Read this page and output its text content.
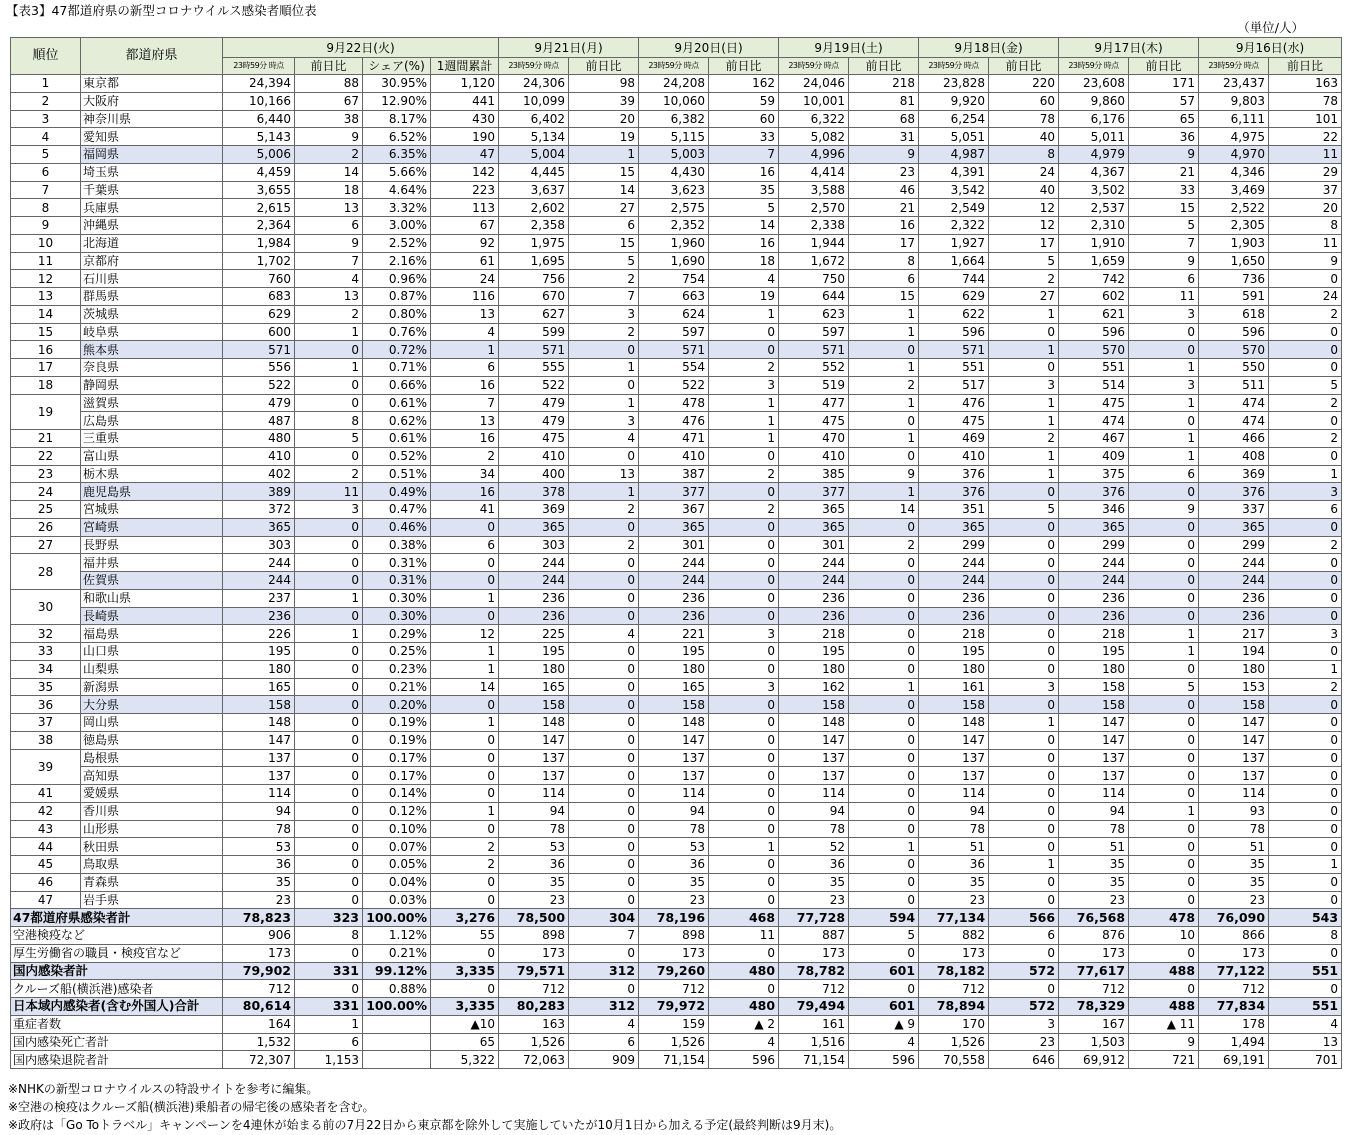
【表3】47都道府県の新型コロナウイルス感染者順位表
（単位/人）
順位	都道府県	9月22日(火)				9月21日(月)		9月20日(日)		9月19日(土)		9月18日(金)		9月17日(木)		9月16日(水)	
		23時59分 時点	前日比	シェア(%)	1週間累計	23時59分 時点	前日比	23時59分 時点	前日比	23時59分 時点	前日比	23時59分 時点	前日比	23時59分 時点	前日比	23時59分 時点	前日比
1	東京都	24,394	88	30.95%	1,120	24,306	98	24,208	162	24,046	218	23,828	220	23,608	171	23,437	163
2	大阪府	10,166	67	12.90%	441	10,099	39	10,060	59	10,001	81	9,920	60	9,860	57	9,803	78
3	神奈川県	6,440	38	8.17%	430	6,402	20	6,382	60	6,322	68	6,254	78	6,176	65	6,111	101
4	愛知県	5,143	9	6.52%	190	5,134	19	5,115	33	5,082	31	5,051	40	5,011	36	4,975	22
5	福岡県	5,006	2	6.35%	47	5,004	1	5,003	7	4,996	9	4,987	8	4,979	9	4,970	11
6	埼玉県	4,459	14	5.66%	142	4,445	15	4,430	16	4,414	23	4,391	24	4,367	21	4,346	29
7	千葉県	3,655	18	4.64%	223	3,637	14	3,623	35	3,588	46	3,542	40	3,502	33	3,469	37
8	兵庫県	2,615	13	3.32%	113	2,602	27	2,575	5	2,570	21	2,549	12	2,537	15	2,522	20
9	沖縄県	2,364	6	3.00%	67	2,358	6	2,352	14	2,338	16	2,322	12	2,310	5	2,305	8
10	北海道	1,984	9	2.52%	92	1,975	15	1,960	16	1,944	17	1,927	17	1,910	7	1,903	11
11	京都府	1,702	7	2.16%	61	1,695	5	1,690	18	1,672	8	1,664	5	1,659	9	1,650	9
12	石川県	760	4	0.96%	24	756	2	754	4	750	6	744	2	742	6	736	0
13	群馬県	683	13	0.87%	116	670	7	663	19	644	15	629	27	602	11	591	24
14	茨城県	629	2	0.80%	13	627	3	624	1	623	1	622	1	621	3	618	2
15	岐阜県	600	1	0.76%	4	599	2	597	0	597	1	596	0	596	0	596	0
16	熊本県	571	0	0.72%	1	571	0	571	0	571	0	571	1	570	0	570	0
17	奈良県	556	1	0.71%	6	555	1	554	2	552	1	551	0	551	1	550	0
18	静岡県	522	0	0.66%	16	522	0	522	3	519	2	517	3	514	3	511	5
19	滋賀県	479	0	0.61%	7	479	1	478	1	477	1	476	1	475	1	474	2
	広島県	487	8	0.62%	13	479	3	476	1	475	0	475	1	474	0	474	0
21	三重県	480	5	0.61%	16	475	4	471	1	470	1	469	2	467	1	466	2
22	富山県	410	0	0.52%	2	410	0	410	0	410	0	410	1	409	1	408	0
23	栃木県	402	2	0.51%	34	400	13	387	2	385	9	376	1	375	6	369	1
24	鹿児島県	389	11	0.49%	16	378	1	377	0	377	1	376	0	376	0	376	3
25	宮城県	372	3	0.47%	41	369	2	367	2	365	14	351	5	346	9	337	6
26	宮崎県	365	0	0.46%	0	365	0	365	0	365	0	365	0	365	0	365	0
27	長野県	303	0	0.38%	6	303	2	301	0	301	2	299	0	299	0	299	2
28	福井県	244	0	0.31%	0	244	0	244	0	244	0	244	0	244	0	244	0
	佐賀県	244	0	0.31%	0	244	0	244	0	244	0	244	0	244	0	244	0
30	和歌山県	237	1	0.30%	1	236	0	236	0	236	0	236	0	236	0	236	0
	長崎県	236	0	0.30%	0	236	0	236	0	236	0	236	0	236	0	236	0
32	福島県	226	1	0.29%	12	225	4	221	3	218	0	218	0	218	1	217	3
33	山口県	195	0	0.25%	1	195	0	195	0	195	0	195	0	195	1	194	0
34	山梨県	180	0	0.23%	1	180	0	180	0	180	0	180	0	180	0	180	1
35	新潟県	165	0	0.21%	14	165	0	165	3	162	1	161	3	158	5	153	2
36	大分県	158	0	0.20%	0	158	0	158	0	158	0	158	0	158	0	158	0
37	岡山県	148	0	0.19%	1	148	0	148	0	148	0	148	1	147	0	147	0
38	徳島県	147	0	0.19%	0	147	0	147	0	147	0	147	0	147	0	147	0
39	島根県	137	0	0.17%	0	137	0	137	0	137	0	137	0	137	0	137	0
	高知県	137	0	0.17%	0	137	0	137	0	137	0	137	0	137	0	137	0
41	愛媛県	114	0	0.14%	0	114	0	114	0	114	0	114	0	114	0	114	0
42	香川県	94	0	0.12%	1	94	0	94	0	94	0	94	0	94	1	93	0
43	山形県	78	0	0.10%	0	78	0	78	0	78	0	78	0	78	0	78	0
44	秋田県	53	0	0.07%	2	53	0	53	1	52	1	51	0	51	0	51	0
45	鳥取県	36	0	0.05%	2	36	0	36	0	36	0	36	1	35	0	35	1
46	青森県	35	0	0.04%	0	35	0	35	0	35	0	35	0	35	0	35	0
47	岩手県	23	0	0.03%	0	23	0	23	0	23	0	23	0	23	0	23	0
47都道府県感染者計		78,823	323	100.00%	3,276	78,500	304	78,196	468	77,728	594	77,134	566	76,568	478	76,090	543
空港検疫など		906	8	1.12%	55	898	7	898	11	887	5	882	6	876	10	866	8
厚生労働省の職員・検疫官など		173	0	0.21%	0	173	0	173	0	173	0	173	0	173	0	173	0
国内感染者計		79,902	331	99.12%	3,335	79,571	312	79,260	480	78,782	601	78,182	572	77,617	488	77,122	551
クルーズ船(横浜港)感染者		712	0	0.88%	0	712	0	712	0	712	0	712	0	712	0	712	0
日本域内感染者(含む外国人)合計		80,614	331	100.00%	3,335	80,283	312	79,972	480	79,494	601	78,894	572	78,329	488	77,834	551
重症者数		164	1		▲10	163	4	159	▲ 2	161	▲ 9	170	3	167	▲ 11	178	4
国内感染死亡者計		1,532	6		65	1,526	6	1,526	4	1,516	4	1,526	23	1,503	9	1,494	13
国内感染退院者計		72,307	1,153		5,322	72,063	909	71,154	596	71,154	596	70,558	646	69,912	721	69,191	701
※NHKの新型コロナウイルスの特設サイトを参考に編集。
※空港の検疫はクルーズ船(横浜港)乗船者の帰宅後の感染者を含む。
※政府は「Go Toトラベル」キャンペーンを4連休が始まる前の7月22日から東京都を除外して実施していたが10月1日から加える予定(最終判断は9月末)。
